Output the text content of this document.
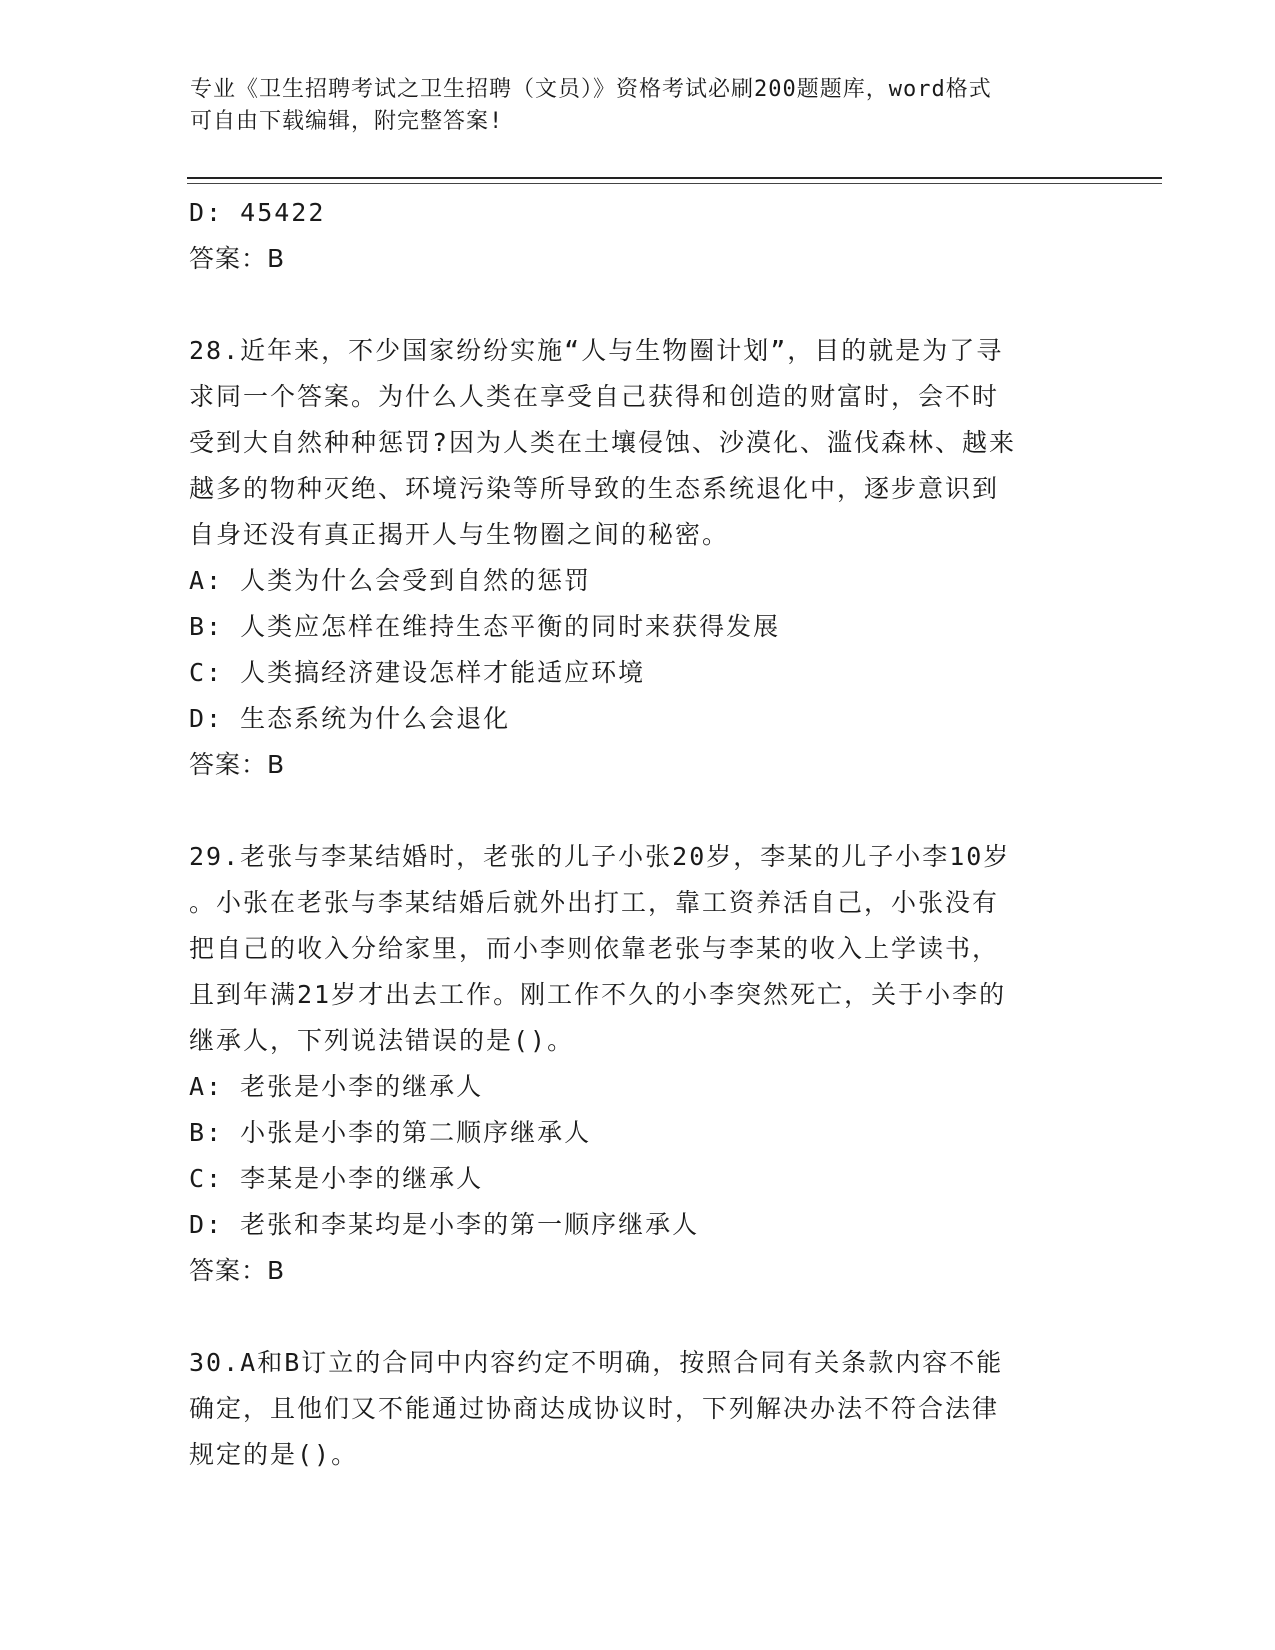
专业《卫生招聘考试之卫生招聘（文员）》资格考试必刷200题题库，word格式
可自由下载编辑，附完整答案!
D: 45422
答案：B
28.近年来，不少国家纷纷实施“人与生物圈计划”，目的就是为了寻
求同一个答案。为什么人类在享受自己获得和创造的财富时，会不时
受到大自然种种惩罚?因为人类在土壤侵蚀、沙漠化、滥伐森林、越来
越多的物种灭绝、环境污染等所导致的生态系统退化中，逐步意识到
自身还没有真正揭开人与生物圈之间的秘密。
A: 人类为什么会受到自然的惩罚
B: 人类应怎样在维持生态平衡的同时来获得发展
C: 人类搞经济建设怎样才能适应环境
D: 生态系统为什么会退化
答案：B
29.老张与李某结婚时，老张的儿子小张20岁，李某的儿子小李10岁
。小张在老张与李某结婚后就外出打工，靠工资养活自己，小张没有
把自己的收入分给家里，而小李则依靠老张与李某的收入上学读书，
且到年满21岁才出去工作。刚工作不久的小李突然死亡，关于小李的
继承人，下列说法错误的是()。
A: 老张是小李的继承人
B: 小张是小李的第二顺序继承人
C: 李某是小李的继承人
D: 老张和李某均是小李的第一顺序继承人
答案：B
30.A和B订立的合同中内容约定不明确，按照合同有关条款内容不能
确定，且他们又不能通过协商达成协议时，下列解决办法不符合法律
规定的是()。
